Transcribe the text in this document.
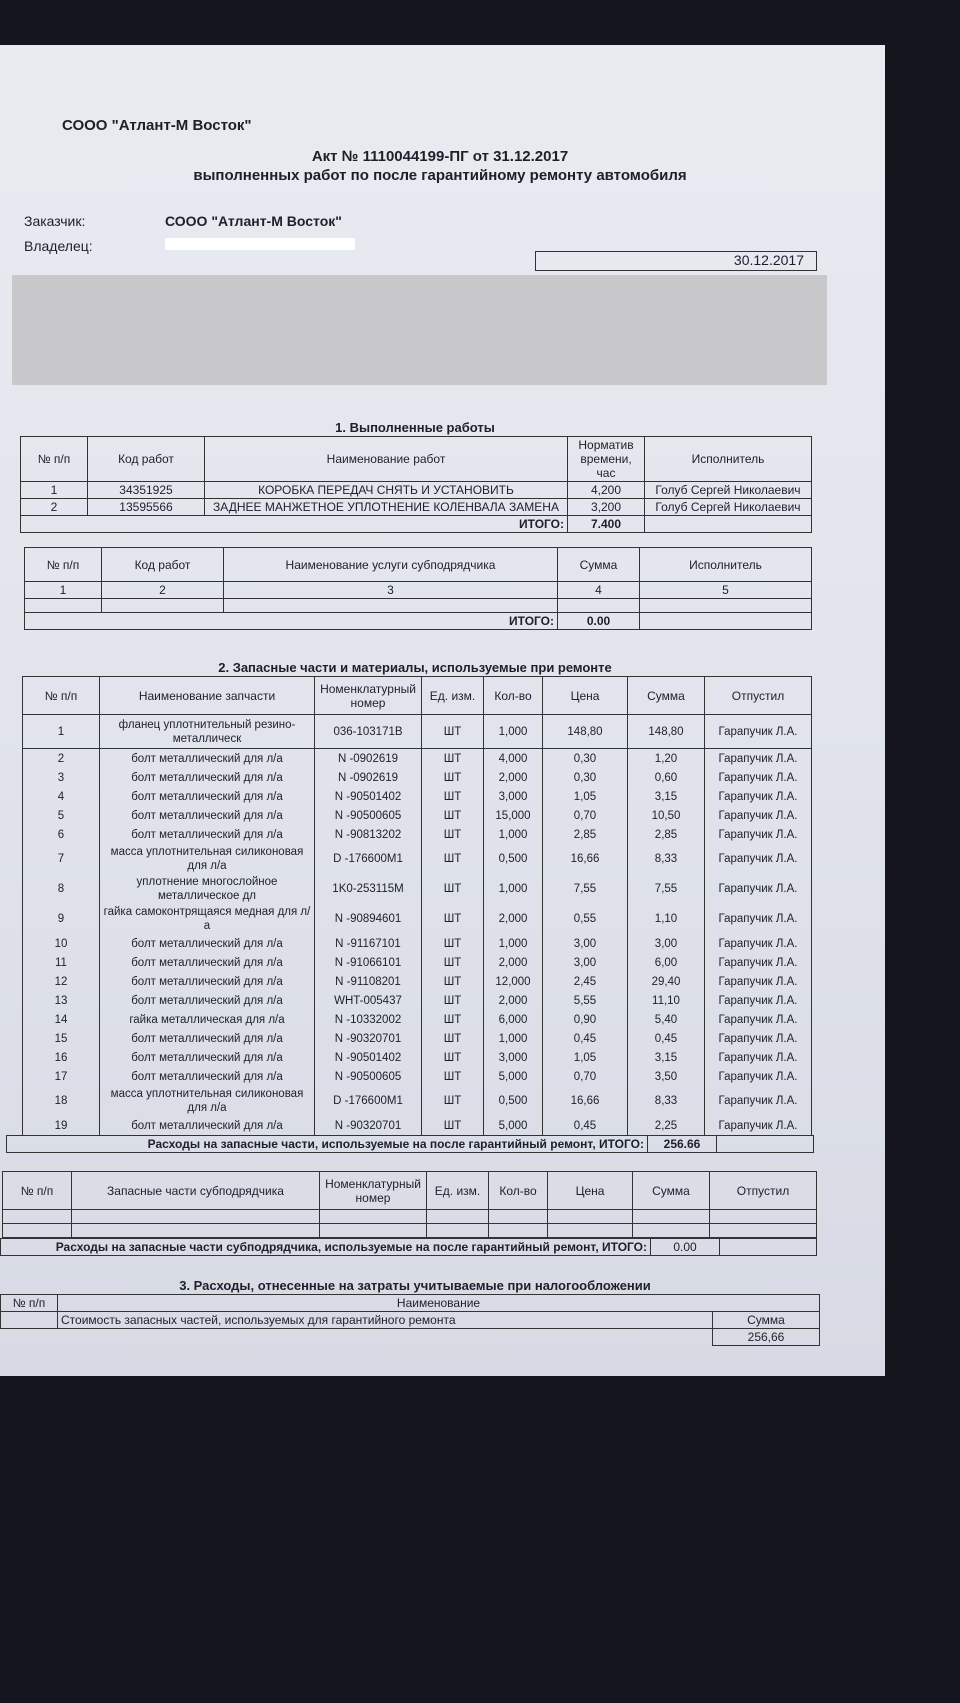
СООО "Атлант-М Восток"
Акт № 1110044199-ПГ от 31.12.2017
выполненных работ по после гарантийному ремонту автомобиля
Заказчик:	СООО "Атлант-М Восток"
Владелец:
30.12.2017
1. Выполненные работы
№ п/п	Код работ	Наименование работ	Норматив времени, час	Исполнитель
1	34351925	КОРОБКА ПЕРЕДАЧ СНЯТЬ И УСТАНОВИТЬ	4,200	Голуб Сергей Николаевич
2	13595566	ЗАДНЕЕ МАНЖЕТНОЕ УПЛОТНЕНИЕ КОЛЕНВАЛА ЗАМЕНА	3,200	Голуб Сергей Николаевич
ИТОГО:			7.400	
№ п/п	Код работ	Наименование услуги субподрядчика	Сумма	Исполнитель
1	2	3	4	5

ИТОГО:			0.00	
2. Запасные части и материалы, используемые при ремонте
№ п/п	Наименование запчасти	Номенклатурный номер	Ед. изм.	Кол-во	Цена	Сумма	Отпустил
1	фланец уплотнительный резино-металлическ	036-103171B	ШТ	1,000	148,80	148,80	Гарапучик Л.А.
2	болт металлический для л/а	N -0902619	ШТ	4,000	0,30	1,20	Гарапучик Л.А.
3	болт металлический для л/а	N -0902619	ШТ	2,000	0,30	0,60	Гарапучик Л.А.
4	болт металлический для л/а	N -90501402	ШТ	3,000	1,05	3,15	Гарапучик Л.А.
5	болт металлический для л/а	N -90500605	ШТ	15,000	0,70	10,50	Гарапучик Л.А.
6	болт металлический для л/а	N -90813202	ШТ	1,000	2,85	2,85	Гарапучик Л.А.
7	масса уплотнительная силиконовая для л/а	D -176600M1	ШТ	0,500	16,66	8,33	Гарапучик Л.А.
8	уплотнение многослойное металлическое дл	1K0-253115M	ШТ	1,000	7,55	7,55	Гарапучик Л.А.
9	гайка самоконтрящаяся медная для л/а	N -90894601	ШТ	2,000	0,55	1,10	Гарапучик Л.А.
10	болт металлический для л/а	N -91167101	ШТ	1,000	3,00	3,00	Гарапучик Л.А.
11	болт металлический для л/а	N -91066101	ШТ	2,000	3,00	6,00	Гарапучик Л.А.
12	болт металлический для л/а	N -91108201	ШТ	12,000	2,45	29,40	Гарапучик Л.А.
13	болт металлический для л/а	WHT-005437	ШТ	2,000	5,55	11,10	Гарапучик Л.А.
14	гайка металлическая для л/а	N -10332002	ШТ	6,000	0,90	5,40	Гарапучик Л.А.
15	болт металлический для л/а	N -90320701	ШТ	1,000	0,45	0,45	Гарапучик Л.А.
16	болт металлический для л/а	N -90501402	ШТ	3,000	1,05	3,15	Гарапучик Л.А.
17	болт металлический для л/а	N -90500605	ШТ	5,000	0,70	3,50	Гарапучик Л.А.
18	масса уплотнительная силиконовая для л/а	D -176600M1	ШТ	0,500	16,66	8,33	Гарапучик Л.А.
19	болт металлический для л/а	N -90320701	ШТ	5,000	0,45	2,25	Гарапучик Л.А.
Расходы на запасные части, используемые на после гарантийный ремонт, ИТОГО:	256.66	
№ п/п	Запасные части субподрядчика	Номенклатурный номер	Ед. изм.	Кол-во	Цена	Сумма	Отпустил

Расходы на запасные части субподрядчика, используемые на после гарантийный ремонт, ИТОГО:	0.00	
3. Расходы, отнесенные на затраты учитываемые при налогообложении
№ п/п	Наименование	
	Стоимость запасных частей, используемых для гарантийного ремонта	Сумма
		256,66
